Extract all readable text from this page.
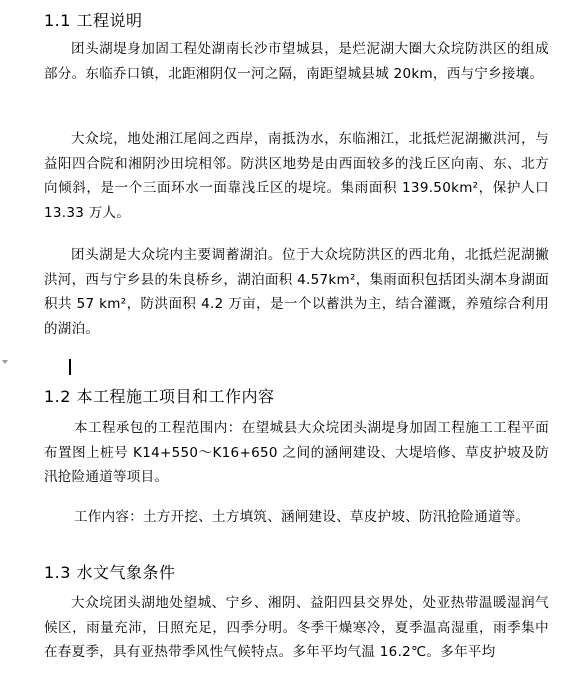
1.1 工程说明

团头湖堤身加固工程处湖南长沙市望城县，是烂泥湖大圈大众垸防洪区的组成部分。东临乔口镇，北距湘阴仅一河之隔，南距望城县城 20km，西与宁乡接壤。

大众垸，地处湘江尾闾之西岸，南抵沩水，东临湘江，北抵烂泥湖撇洪河，与益阳四合院和湘阴沙田垸相邻。防洪区地势是由西面较多的浅丘区向南、东、北方向倾斜，是一个三面环水一面靠浅丘区的堤垸。集雨面积 139.50km²，保护人口 13.33 万人。

团头湖是大众垸内主要调蓄湖泊。位于大众垸防洪区的西北角，北抵烂泥湖撇洪河，西与宁乡县的朱良桥乡，湖泊面积 4.57km²，集雨面积包括团头湖本身湖面积共 57 km²，防洪面积 4.2 万亩，是一个以蓄洪为主，结合灌溉，养殖综合利用的湖泊。

1.2 本工程施工项目和工作内容

本工程承包的工程范围内：在望城县大众垸团头湖堤身加固工程施工工程平面布置图上桩号 K14+550～K16+650 之间的涵闸建设、大堤培修、草皮护坡及防汛抢险通道等项目。

工作内容：土方开挖、土方填筑、涵闸建设、草皮护坡、防汛抢险通道等。

1.3 水文气象条件

大众垸团头湖地处望城、宁乡、湘阴、益阳四县交界处，处亚热带温暖湿润气候区，雨量充沛，日照充足，四季分明。冬季干燥寒冷，夏季温高湿重，雨季集中在春夏季，具有亚热带季风性气候特点。多年平均气温 16.2℃。多年平均
